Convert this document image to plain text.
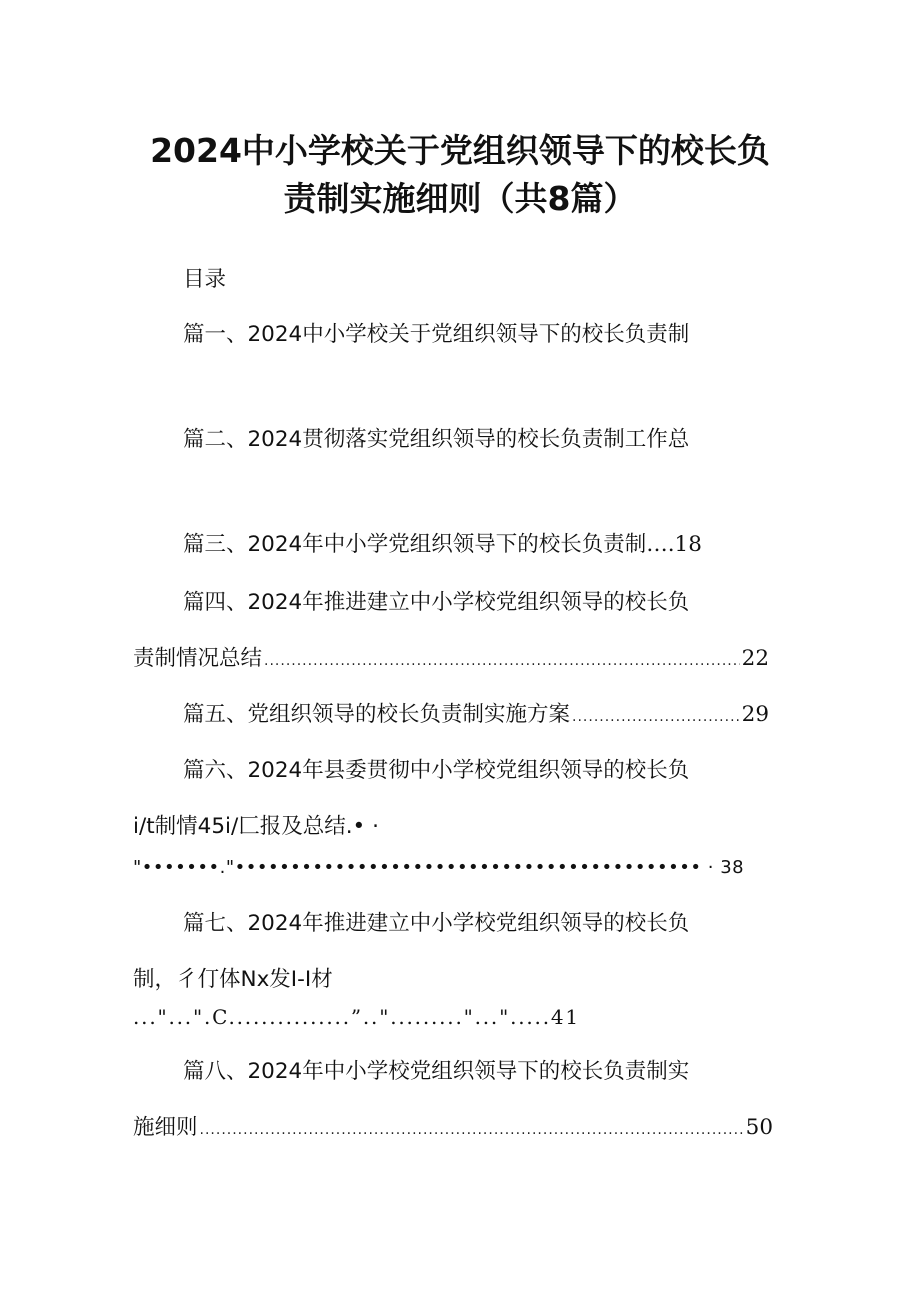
2024中小学校关于党组织领导下的校长负
责制实施细则（共8篇）
目录
篇一、2024中小学校关于党组织领导下的校长负责制
篇二、2024贯彻落实党组织领导的校长负责制工作总
篇三、2024年中小学党组织领导下的校长负责制 ….18
篇四、2024年推进建立中小学校党组织领导的校长负
责制情况总结 .....	22
篇五、党组织领导的校长负责制实施方案 .....	29
篇六、2024年县委贯彻中小学校党组织领导的校长负
i/t制情45i/匚报及总结.• ·
"•••••••."•••••••••••••••••••••••••••••••••••••••••• · 38
篇七、2024年推进建立中小学校党组织领导的校长负
制，彳仃体Nx发I-I材
..."...".C...............”.."........."...".....41
篇八、2024年中小学校党组织领导下的校长负责制实
施细则 .....	50
